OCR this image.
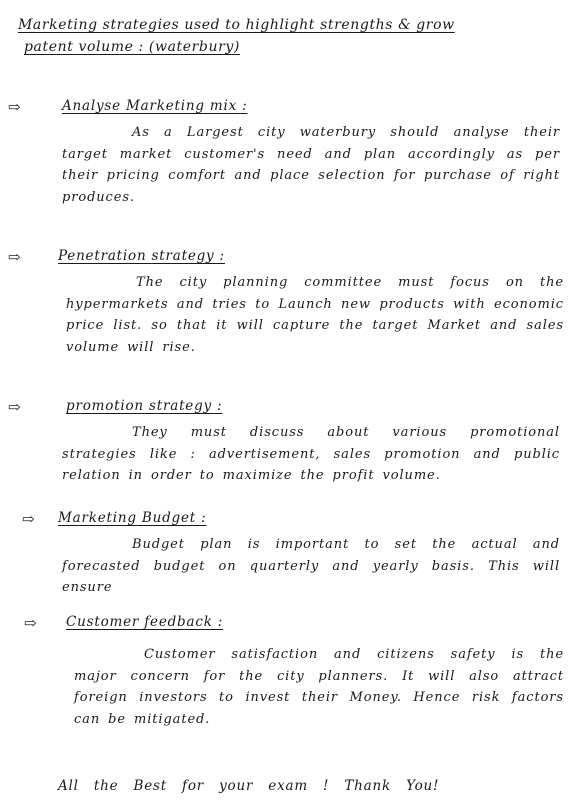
Marketing strategies used to highlight strengths & grow
patent volume : (waterbury)
⇨	Analyse Marketing mix :
As a Largest city waterbury should analyse their target market customer's need and plan accordingly as per their pricing comfort and place selection for purchase of right produces.
⇨	Penetration strategy :
The city planning committee must focus on the hypermarkets and tries to Launch new products with economic price list. so that it will capture the target Market and sales volume will rise.
⇨	promotion strategy :
They must discuss about various promotional strategies like : advertisement, sales promotion and public relation in order to maximize the profit volume.
⇨ Marketing Budget :
Budget plan is important to set the actual and forecasted budget on quarterly and yearly basis. This will ensure
⇨ Customer feedback :
Customer satisfaction and citizens safety is the major concern for the city planners. It will also attract foreign investors to invest their Money. Hence risk factors can be mitigated.
All the Best for your exam ! Thank You!
